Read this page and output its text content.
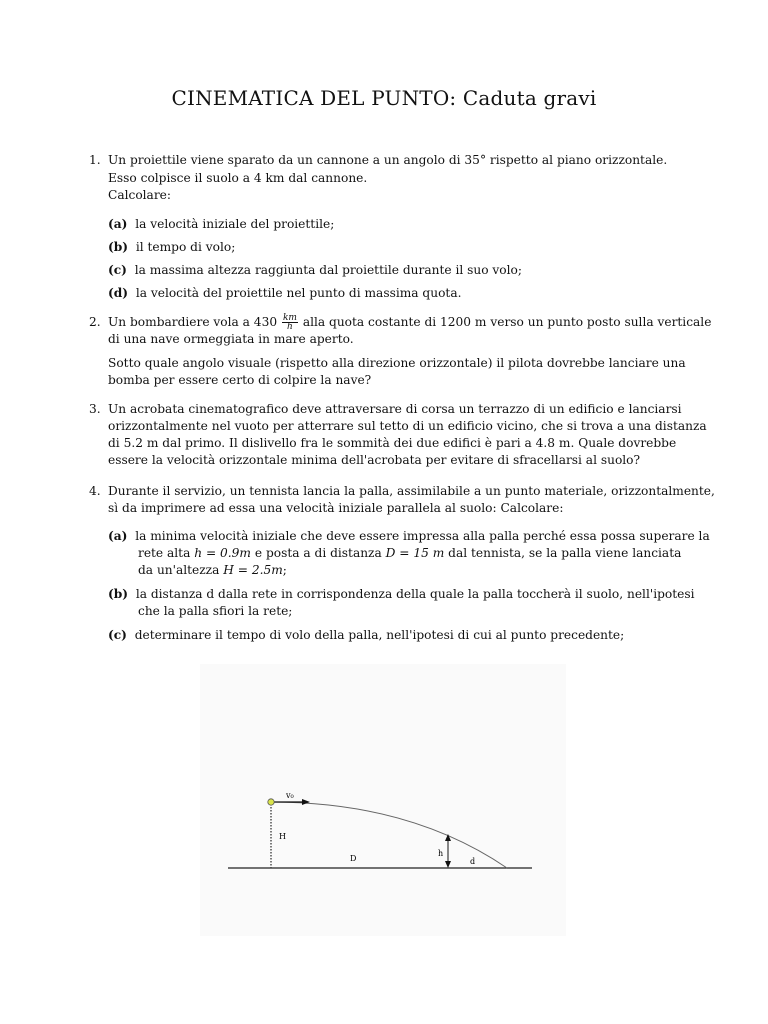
CINEMATICA DEL PUNTO: Caduta gravi
1. Un proiettile viene sparato da un cannone a un angolo di 35° rispetto al piano orizzontale.
Esso colpisce il suolo a 4 km dal cannone.
Calcolare:
(a) la velocità iniziale del proiettile;
(b) il tempo di volo;
(c) la massima altezza raggiunta dal proiettile durante il suo volo;
(d) la velocità del proiettile nel punto di massima quota.
2. Un bombardiere vola a $430 \frac{km}{h}$ alla quota costante di 1200 m verso un punto posto sulla verticale
di una nave ormeggiata in mare aperto.
Sotto quale angolo visuale (rispetto alla direzione orizzontale) il pilota dovrebbe lanciare una
bomba per essere certo di colpire la nave?
3. Un acrobata cinematografico deve attraversare di corsa un terrazzo di un edificio e lanciarsi
orizzontalmente nel vuoto per atterrare sul tetto di un edificio vicino, che si trova a una distanza
di 5.2 m dal primo. Il dislivello fra le sommità dei due edifici è pari a 4.8 m. Quale dovrebbe
essere la velocità orizzontale minima dell'acrobata per evitare di sfracellarsi al suolo?
4. Durante il servizio, un tennista lancia la palla, assimilabile a un punto materiale, orizzontalmente,
sì da imprimere ad essa una velocità iniziale parallela al suolo: Calcolare:
(a) la minima velocità iniziale che deve essere impressa alla palla perché essa possa superare la
rete alta h = 0.9m e posta a di distanza D = 15 m dal tennista, se la palla viene lanciata
da un'altezza H = 2.5m;
(b) la distanza d dalla rete in corrispondenza della quale la palla toccherà il suolo, nell'ipotesi
che la palla sfiori la rete;
(c) determinare il tempo di volo della palla, nell'ipotesi di cui al punto precedente;
v₀
H
D
h
d
